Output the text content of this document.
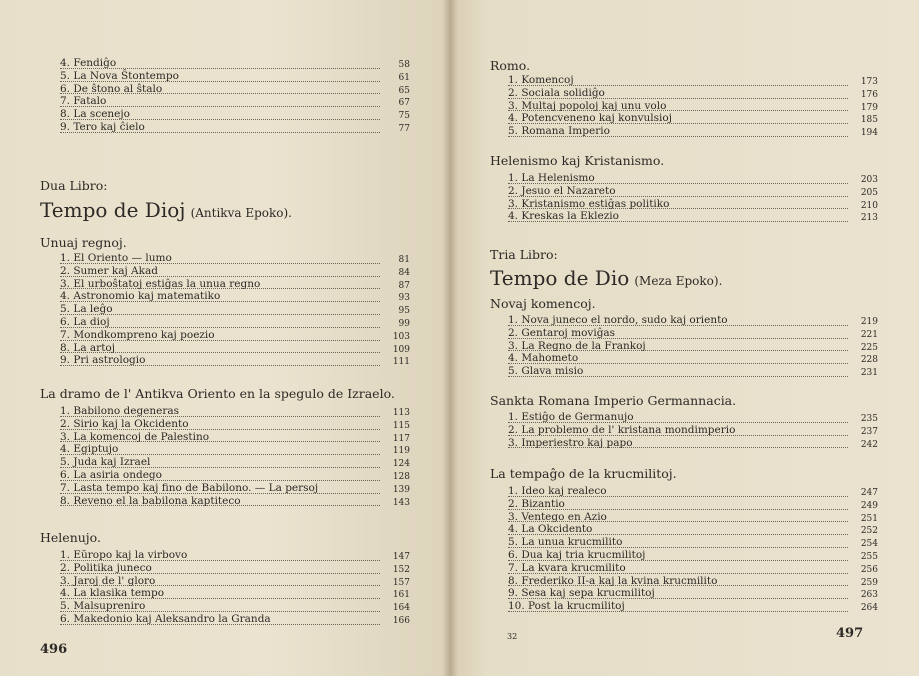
4. Fendiĝo	58
5. La Nova Ŝtontempo	61
6. De ŝtono al ŝtalo	65
7. Fatalo	67
8. La scenejo	75
9. Tero kaj ĉielo	77
Dua Libro:
Tempo de Dioj (Antikva Epoko).
Unuaj regnoj.
1. El Oriento — lumo	81
2. Sumer kaj Akad	84
3. El urboŝtatoj estiĝas la unua regno	87
4. Astronomio kaj matematiko	93
5. La leĝo	95
6. La dioj	99
7. Mondkompreno kaj poezio	103
8. La artoj	109
9. Pri astrologio	111
La dramo de l' Antikva Oriento en la spegulo de Izraelo.
1. Babilono degeneras	113
2. Sirio kaj la Okcidento	115
3. La komencoj de Palestino	117
4. Egiptujo	119
5. Juda kaj Izrael	124
6. La asiria ondego	128
7. Lasta tempo kaj fino de Babilono. — La persoj	139
8. Reveno el la babilona kaptiteco	143
Helenujo.
1. Eŭropo kaj la virbovo	147
2. Politika juneco	152
3. Jaroj de l' gloro	157
4. La klasika tempo	161
5. Malsupreniro	164
6. Makedonio kaj Aleksandro la Granda	166
496
Romo.
1. Komencoj	173
2. Sociala solidiĝo	176
3. Multaj popoloj kaj unu volo	179
4. Potencveneno kaj konvulsioj	185
5. Romana Imperio	194
Helenismo kaj Kristanismo.
1. La Helenismo	203
2. Jesuo el Nazareto	205
3. Kristanismo estiĝas politiko	210
4. Kreskas la Eklezio	213
Tria Libro:
Tempo de Dio (Meza Epoko).
Novaj komencoj.
1. Nova juneco el nordo, sudo kaj oriento	219
2. Gentaroj moviĝas	221
3. La Regno de la Frankoj	225
4. Mahometo	228
5. Glava misio	231
Sankta Romana Imperio Germannacia.
1. Estiĝo de Germanujo	235
2. La problemo de l' kristana mondimperio	237
3. Imperiestro kaj papo	242
La tempaĝo de la krucmilitoj.
1. Ideo kaj realeco	247
2. Bizantio	249
3. Ventego en Azio	251
4. La Okcidento	252
5. La unua krucmilito	254
6. Dua kaj tria krucmilitoj	255
7. La kvara krucmilito	256
8. Frederiko II-a kaj la kvina krucmilito	259
9. Sesa kaj sepa krucmilitoj	263
10. Post la krucmilitoj	264
32	497
